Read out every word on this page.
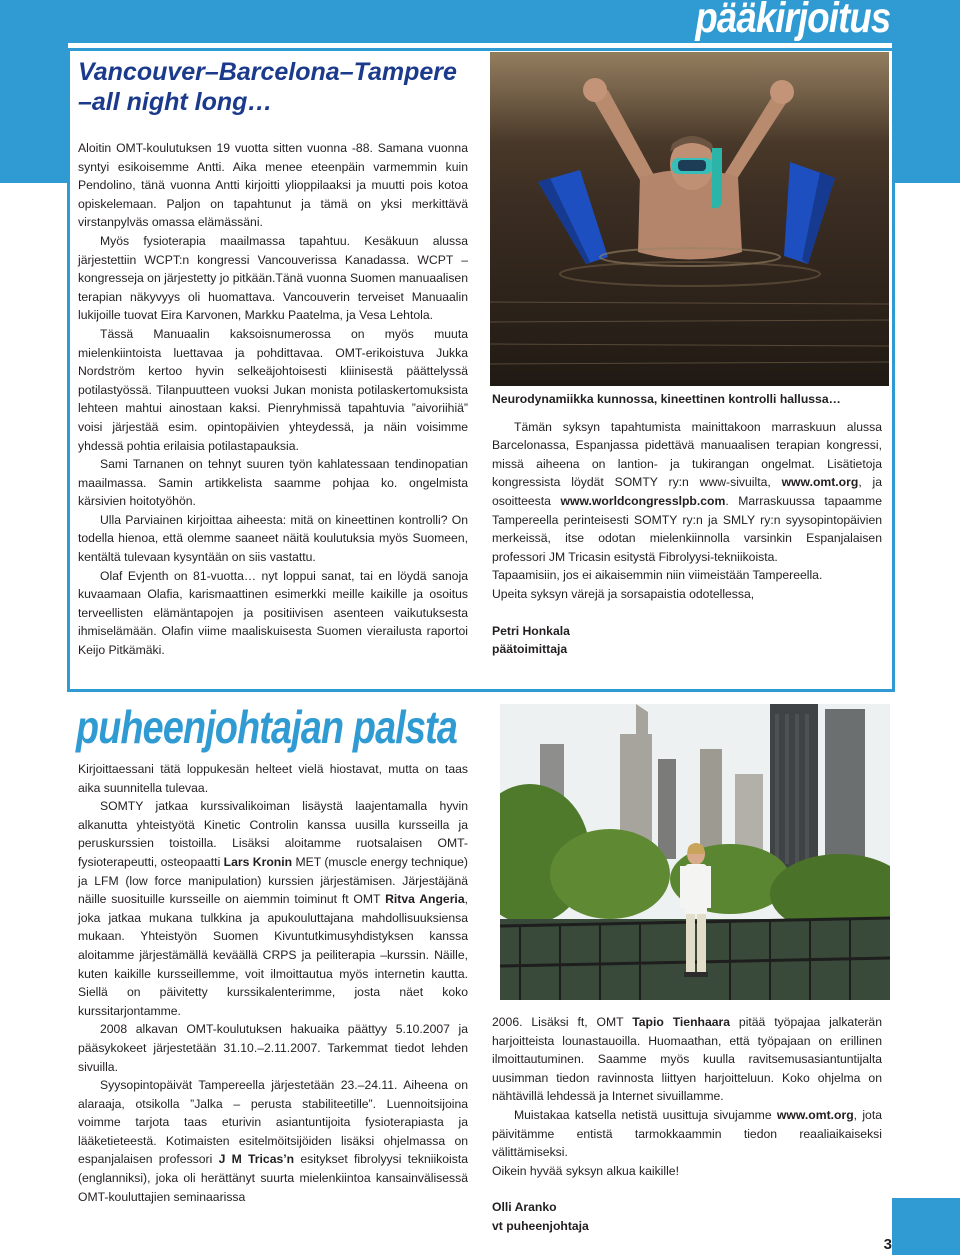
pääkirjoitus
Vancouver–Barcelona–Tampere
–all night long…

Aloitin OMT-koulutuksen 19 vuotta sitten vuonna -88. Samana vuonna syntyi esikoisemme Antti. Aika menee eteenpäin varmemmin kuin Pendolino, tänä vuonna Antti kirjoitti ylioppilaaksi ja muutti pois kotoa opiskelemaan. Paljon on tapahtunut ja tämä on yksi merkittävä virstanpylväs omassa elämässäni.

Myös fysioterapia maailmassa tapahtuu. Kesäkuun alussa järjestettiin WCPT:n kongressi Vancouverissa Kanadassa. WCPT –kongresseja on järjestetty jo pitkään.Tänä vuonna Suomen manuaalisen terapian näkyvyys oli huomattava. Vancouverin terveiset Manuaalin lukijoille tuovat Eira Karvonen, Markku Paatelma, ja Vesa Lehtola.

Tässä Manuaalin kaksoisnumerossa on myös muuta mielenkiintoista luettavaa ja pohdittavaa. OMT-erikoistuva Jukka Nordström kertoo hyvin selkeäjohtoisesti kliinisestä päättelyssä potilastyössä. Tilanpuutteen vuoksi Jukan monista potilaskertomuksista lehteen mahtui ainostaan kaksi. Pienryhmissä tapahtuvia ”aivoriihiä” voisi järjestää esim. opintopäivien yhteydessä, ja näin voisimme yhdessä pohtia erilaisia potilastapauksia.

Sami Tarnanen on tehnyt suuren työn kahlatessaan tendinopatian maailmassa. Samin artikkelista saamme pohjaa ko. ongelmista kärsivien hoitotyöhön.

Ulla Parviainen kirjoittaa aiheesta: mitä on kineettinen kontrolli? On todella hienoa, että olemme saaneet näitä koulutuksia myös Suomeen, kentältä tulevaan kysyntään on siis vastattu.

Olaf Evjenth on 81-vuotta… nyt loppui sanat, tai en löydä sanoja kuvaamaan Olafia, karismaattinen esimerkki meille kaikille ja osoitus terveellisten elämäntapojen ja positiivisen asenteen vaikutuksesta ihmiselämään. Olafin viime maaliskuisesta Suomen vierailusta raportoi Keijo Pitkämäki.

Neurodynamiikka kunnossa, kineettinen kontrolli hallussa…

Tämän syksyn tapahtumista mainittakoon marraskuun alussa Barcelonassa, Espanjassa pidettävä manuaalisen terapian kongressi, missä aiheena on lantion- ja tukirangan ongelmat. Lisätietoja kongressista löydät SOMTY ry:n www-sivuilta, www.omt.org, ja osoitteesta www.worldcongresslpb.com. Marraskuussa tapaamme Tampereella perinteisesti SOMTY ry:n ja SMLY ry:n syysopintopäivien merkeissä, itse odotan mielenkiinnolla varsinkin Espanjalaisen professori JM Tricasin esitystä Fibrolyysi-tekniikoista.

Tapaamisiin, jos ei aikaisemmin niin viimeistään Tampereella.

Upeita syksyn värejä ja sorsapaistia odotellessa,

Petri Honkala
päätoimittaja

puheenjohtajan palsta

Kirjoittaessani tätä loppukesän helteet vielä hiostavat, mutta on taas aika suunnitella tulevaa.

SOMTY jatkaa kurssivalikoiman lisäystä laajentamalla hyvin alkanutta yhteistyötä Kinetic Controlin kanssa uusilla kursseilla ja peruskurssien toistoilla. Lisäksi aloitamme ruotsalaisen OMT-fysioterapeutti, osteopaatti Lars Kronin MET (muscle energy technique) ja LFM (low force manipulation) kurssien järjestämisen. Järjestäjänä näille suosituille kursseille on aiemmin toiminut ft OMT Ritva Angeria, joka jatkaa mukana tulkkina ja apukouluttajana mahdollisuuksiensa mukaan. Yhteistyön Suomen Kivuntutkimusyhdistyksen kanssa aloitamme järjestämällä keväällä CRPS ja peiliterapia –kurssin. Näille, kuten kaikille kursseillemme, voit ilmoittautua myös internetin kautta. Siellä on päivitetty kurssikalenterimme, josta näet koko kurssitarjontamme.

2008 alkavan OMT-koulutuksen hakuaika päättyy 5.10.2007 ja pääsykokeet järjestetään 31.10.–2.11.2007. Tarkemmat tiedot lehden sivuilla.

Syysopintopäivät Tampereella järjestetään 23.–24.11. Aiheena on alaraaja, otsikolla ”Jalka – perusta stabiliteetille”. Luennoitsijoina voimme tarjota taas eturivin asiantuntijoita fysioterapiasta ja lääketieteestä. Kotimaisten esitelmöitsijöiden lisäksi ohjelmassa on espanjalaisen professori J M Tricas’n esitykset fibrolyysi tekniikoista (englanniksi), joka oli herättänyt suurta mielenkiintoa kansainvälisessä OMT-kouluttajien seminaarissa

2006. Lisäksi ft, OMT Tapio Tienhaara pitää työpajaa jalkaterän harjoitteista lounastauoilla. Huomaathan, että työpajaan on erillinen ilmoittautuminen. Saamme myös kuulla ravitsemusasiantuntijalta uusimman tiedon ravinnosta liittyen harjoitteluun. Koko ohjelma on nähtävillä lehdessä ja Internet sivuillamme.

Muistakaa katsella netistä uusittuja sivujamme www.omt.org, jota päivitämme entistä tarmokkaammin tiedon reaaliaikaiseksi välittämiseksi.

Oikein hyvää syksyn alkua kaikille!

Olli Aranko
vt puheenjohtaja

3
